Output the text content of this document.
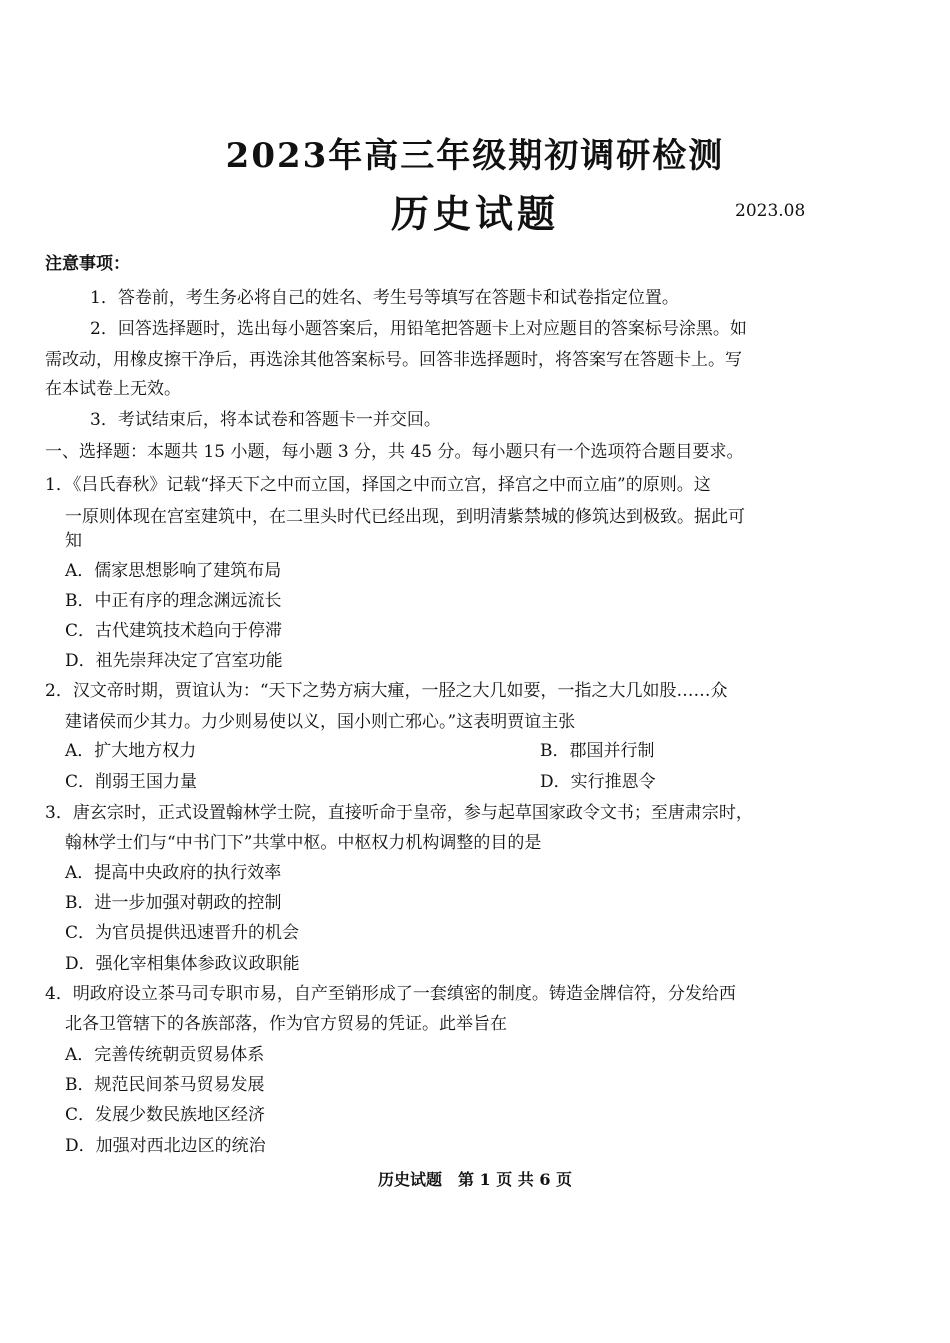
2023年高三年级期初调研检测
历史试题	2023.08
注意事项：
1．答卷前，考生务必将自己的姓名、考生号等填写在答题卡和试卷指定位置。
2．回答选择题时，选出每小题答案后，用铅笔把答题卡上对应题目的答案标号涂黑。如
需改动，用橡皮擦干净后，再选涂其他答案标号。回答非选择题时，将答案写在答题卡上。写
在本试卷上无效。
3．考试结束后，将本试卷和答题卡一并交回。
一、选择题：本题共 15 小题，每小题 3 分，共 45 分。每小题只有一个选项符合题目要求。
1．《吕氏春秋》记载“择天下之中而立国，择国之中而立宫，择宫之中而立庙”的原则。这
一原则体现在宫室建筑中，在二里头时代已经出现，到明清紫禁城的修筑达到极致。据此可
知
A．儒家思想影响了建筑布局
B．中正有序的理念渊远流长
C．古代建筑技术趋向于停滞
D．祖先崇拜决定了宫室功能
2．汉文帝时期，贾谊认为：“天下之势方病大瘇，一胫之大几如要，一指之大几如股……众
建诸侯而少其力。力少则易使以义，国小则亡邪心。”这表明贾谊主张
A．扩大地方权力	B．郡国并行制
C．削弱王国力量	D．实行推恩令
3．唐玄宗时，正式设置翰林学士院，直接听命于皇帝，参与起草国家政令文书；至唐肃宗时，
翰林学士们与“中书门下”共掌中枢。中枢权力机构调整的目的是
A．提高中央政府的执行效率
B．进一步加强对朝政的控制
C．为官员提供迅速晋升的机会
D．强化宰相集体参政议政职能
4．明政府设立茶马司专职市易，自产至销形成了一套缜密的制度。铸造金牌信符，分发给西
北各卫管辖下的各族部落，作为官方贸易的凭证。此举旨在
A．完善传统朝贡贸易体系
B．规范民间茶马贸易发展
C．发展少数民族地区经济
D．加强对西北边区的统治
历史试题　第 1 页 共 6 页
